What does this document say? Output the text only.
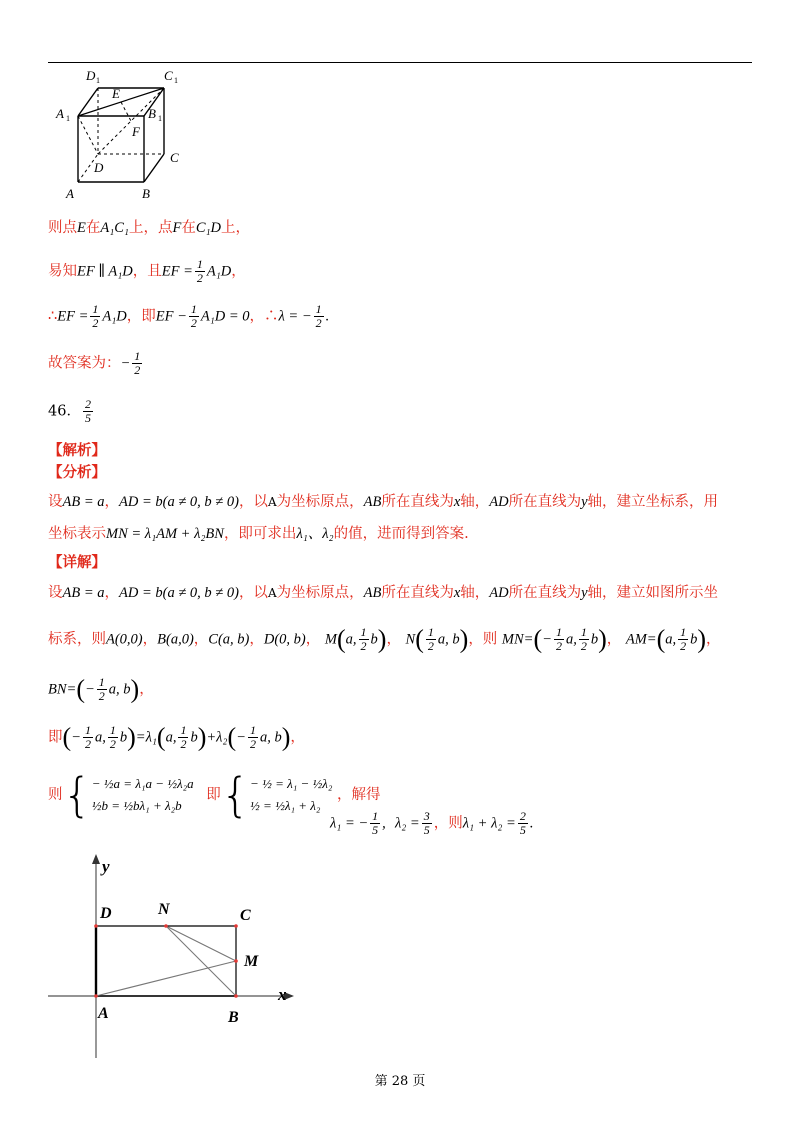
D 1	C 1
A 1	B 1
E
F
D
C
A	B
则点E在A₁C₁上，点F在C₁D上，
易知EF ∥ A₁D，且EF = $\frac{1}{2} A_1D$，
∴EF = $\frac{1}{2} A_1D$，即EF − $\frac{1}{2} A_1D = 0$，∴λ = − $\frac{1}{2}$ .
故答案为：− $\frac{1}{2}$
46． $\frac{2}{5}$
【解析】
【分析】
设AB = a，AD = b(a ≠ 0, b ≠ 0)，以A为坐标原点，AB所在直线为x轴，AD所在直线为y轴，建立坐标系，用
坐标表示MN = λ₁AM + λ₂BN，即可求出λ₁、λ₂的值，进而得到答案.
【详解】
设AB = a，AD = b(a ≠ 0, b ≠ 0)，以A为坐标原点，AB所在直线为x轴，AD所在直线为y轴，建立如图所示坐
标系，则A(0,0)，B(a,0)，C(a, b)，D(0, b)， M(a, $\frac{1}{2} b$)， $N( \frac{1}{2} a$, b)，则 $MN=(- \frac{1}{2} a$, $\frac{1}{2} b$)， AM=(a, $\frac{1}{2} b$)，
$BN=(- \frac{1}{2} a$, b)，
即(− $\frac{1}{2} a$, $\frac{1}{2} b)=\lambda_1(a$, $\frac{1}{2} b)+\lambda_2(- \frac{1}{2} a$, b)，
则{ − ½a = λ₁a − ½λ₂a
½b = ½bλ₁ + λ₂b
即{ − ½ = λ₁ − ½λ₂
½ = ½λ₁ + λ₂
，解得
λ₁ = − $\frac{1}{5}$ , $\lambda_2 = \frac{3}{5}$ ，则$\lambda_1 + \lambda_2 = \frac{2}{5}$ .
y
x
D	N	C
M
A	B
第 28 页
